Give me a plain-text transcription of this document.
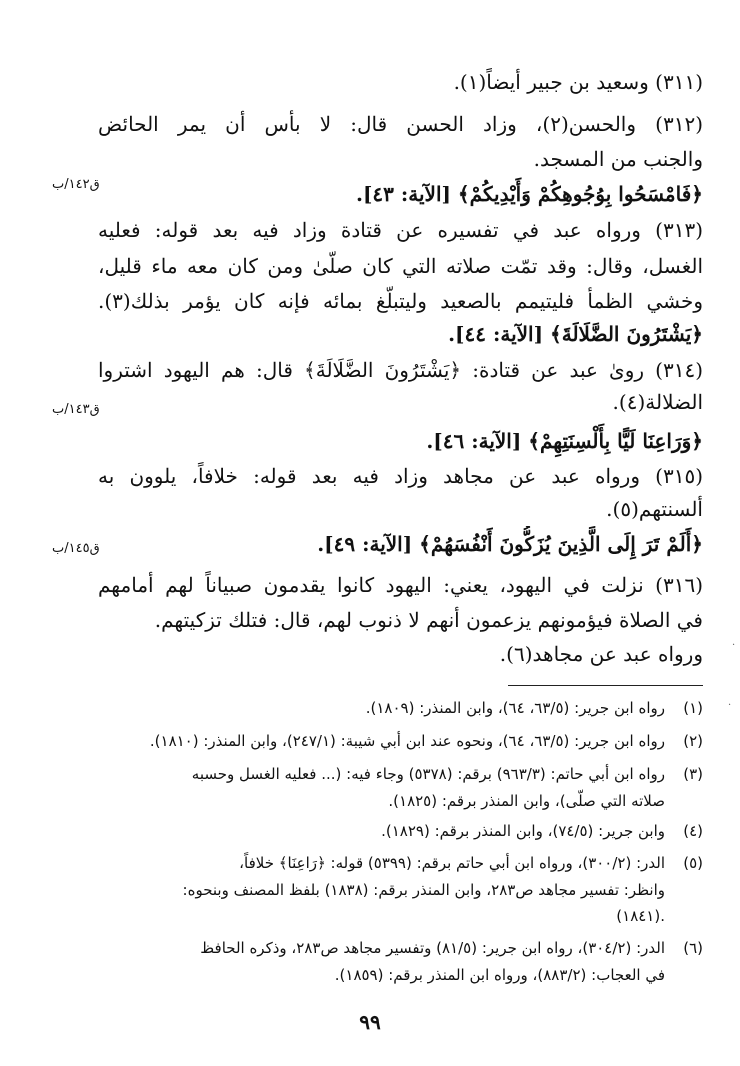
ق١٤٢/ب
ق١٤٣/ب
ق١٤٥/ب
(٣١١) وسعيد بن جبير أيضاً(١).
(٣١٢) والحسن(٢)، وزاد الحسن قال: لا بأس أن يمر الحائض
والجنب من المسجد.
﴿فَامْسَحُوا بِوُجُوهِكُمْ وَأَيْدِيكُمْ﴾ [الآية: ٤٣].
(٣١٣) ورواه عبد في تفسيره عن قتادة وزاد فيه بعد قوله: فعليه
الغسل، وقال: وقد تمّت صلاته التي كان صلّىٰ ومن كان معه ماء قليل،
وخشي الظمأ فليتيمم بالصعيد وليتبلّغ بمائه فإنه كان يؤمر بذلك(٣).
﴿يَشْتَرُونَ الضَّلَالَةَ﴾ [الآية: ٤٤].
(٣١٤) روىٰ عبد عن قتادة: ﴿يَشْتَرُونَ الضَّلَالَةَ﴾ قال: هم اليهود اشتروا
الضلالة(٤).
﴿وَرَاعِنَا لَيًّا بِأَلْسِنَتِهِمْ﴾ [الآية: ٤٦].
(٣١٥) ورواه عبد عن مجاهد وزاد فيه بعد قوله: خلافاً، يلوون به
ألسنتهم(٥).
﴿أَلَمْ تَرَ إِلَى الَّذِينَ يُزَكُّونَ أَنْفُسَهُمْ﴾ [الآية: ٤٩].
(٣١٦) نزلت في اليهود، يعني: اليهود كانوا يقدمون صبياناً لهم أمامهم
في الصلاة فيؤمونهم يزعمون أنهم لا ذنوب لهم، قال: فتلك تزكيتهم.
ورواه عبد عن مجاهد(٦).
(١)
رواه ابن جرير: (٦٣/٥، ٦٤)، وابن المنذر: (١٨٠٩).
(٢)
رواه ابن جرير: (٦٣/٥، ٦٤)، ونحوه عند ابن أبي شيبة: (٢٤٧/١)، وابن المنذر: (١٨١٠).
(٣)
رواه ابن أبي حاتم: (٩٦٣/٣) برقم: (٥٣٧٨) وجاء فيه: (... فعليه الغسل وحسبه
صلاته التي صلّى)، وابن المنذر برقم: (١٨٢٥).
(٤)
وابن جرير: (٧٤/٥)، وابن المنذر برقم: (١٨٢٩).
(٥)
الدر: (٣٠٠/٢)، ورواه ابن أبي حاتم برقم: (٥٣٩٩) قوله: ﴿رَاعِنَا﴾ خلافاً،
وانظر: تفسير مجاهد ص٢٨٣، وابن المنذر برقم: (١٨٣٨) بلفظ المصنف وبنحوه:
(١٨٤١).
(٦)
الدر: (٣٠٤/٢)، رواه ابن جرير: (٨١/٥) وتفسير مجاهد ص٢٨٣، وذكره الحافظ
في العجاب: (٨٨٣/٢)، ورواه ابن المنذر برقم: (١٨٥٩).
٩٩
·
·
